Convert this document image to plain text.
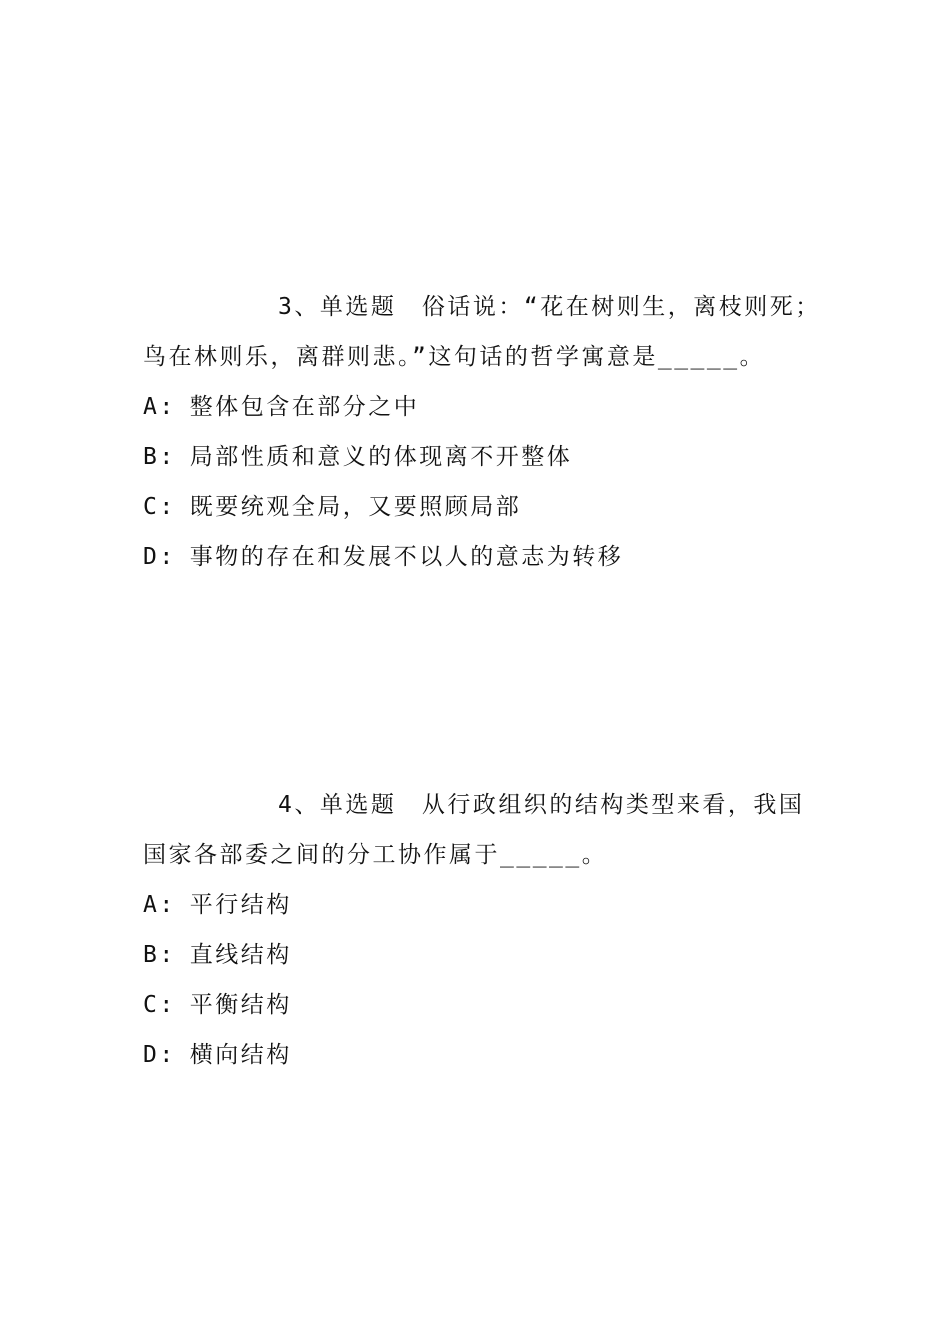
3、单选题　俗话说：“花在树则生，离枝则死；鸟在林则乐，离群则悲。”这句话的哲学寓意是_____。

A: 整体包含在部分之中
B: 局部性质和意义的体现离不开整体
C: 既要统观全局，又要照顾局部
D: 事物的存在和发展不以人的意志为转移

4、单选题　从行政组织的结构类型来看，我国国家各部委之间的分工协作属于_____。

A: 平行结构
B: 直线结构
C: 平衡结构
D: 横向结构
